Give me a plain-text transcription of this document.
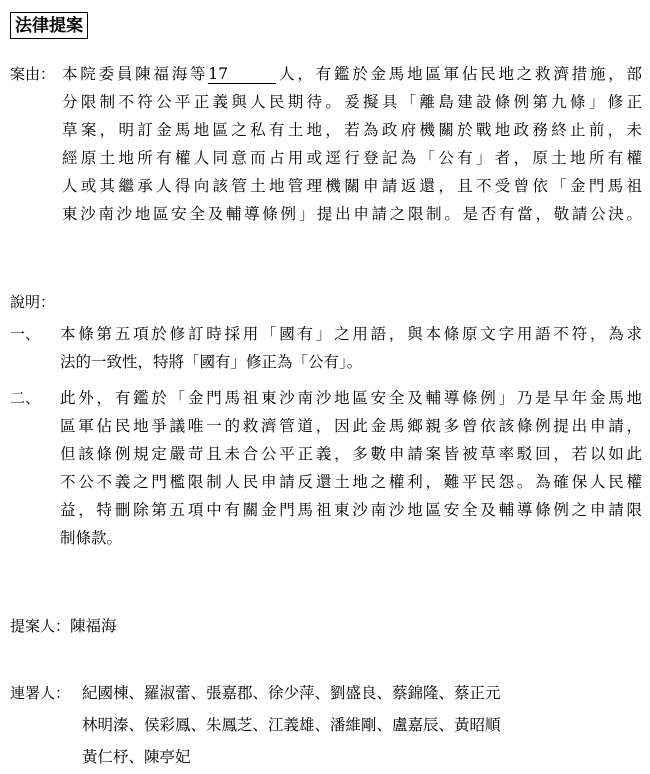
法律提案
案由： 本院委員陳福海等17	人，有鑑於金馬地區軍佔民地之救濟措施，部
分限制不符公平正義與人民期待。爰擬具「離島建設條例第九條」修正
草案，明訂金馬地區之私有土地，若為政府機關於戰地政務終止前，未
經原土地所有權人同意而占用或逕行登記為「公有」者，原土地所有權
人或其繼承人得向該管土地管理機關申請返還，且不受曾依「金門馬祖
東沙南沙地區安全及輔導條例」提出申請之限制。是否有當，敬請公決。
說明：
一、	本條第五項於修訂時採用「國有」之用語，與本條原文字用語不符，為求
法的一致性，特將「國有」修正為「公有」。
二、	此外，有鑑於「金門馬祖東沙南沙地區安全及輔導條例」乃是早年金馬地
區軍佔民地爭議唯一的救濟管道，因此金馬鄉親多曾依該條例提出申請，
但該條例規定嚴苛且未合公平正義，多數申請案皆被草率駁回，若以如此
不公不義之門檻限制人民申請反還土地之權利，難平民怨。為確保人民權
益，特刪除第五項中有關金門馬祖東沙南沙地區安全及輔導條例之申請限
制條款。
提案人： 陳福海
連署人： 紀國棟、羅淑蕾、張嘉郡、徐少萍、劉盛良、蔡錦隆、蔡正元
林明溱、侯彩鳳、朱鳳芝、江義雄、潘維剛、盧嘉辰、黃昭順
黃仁杼、陳亭妃
